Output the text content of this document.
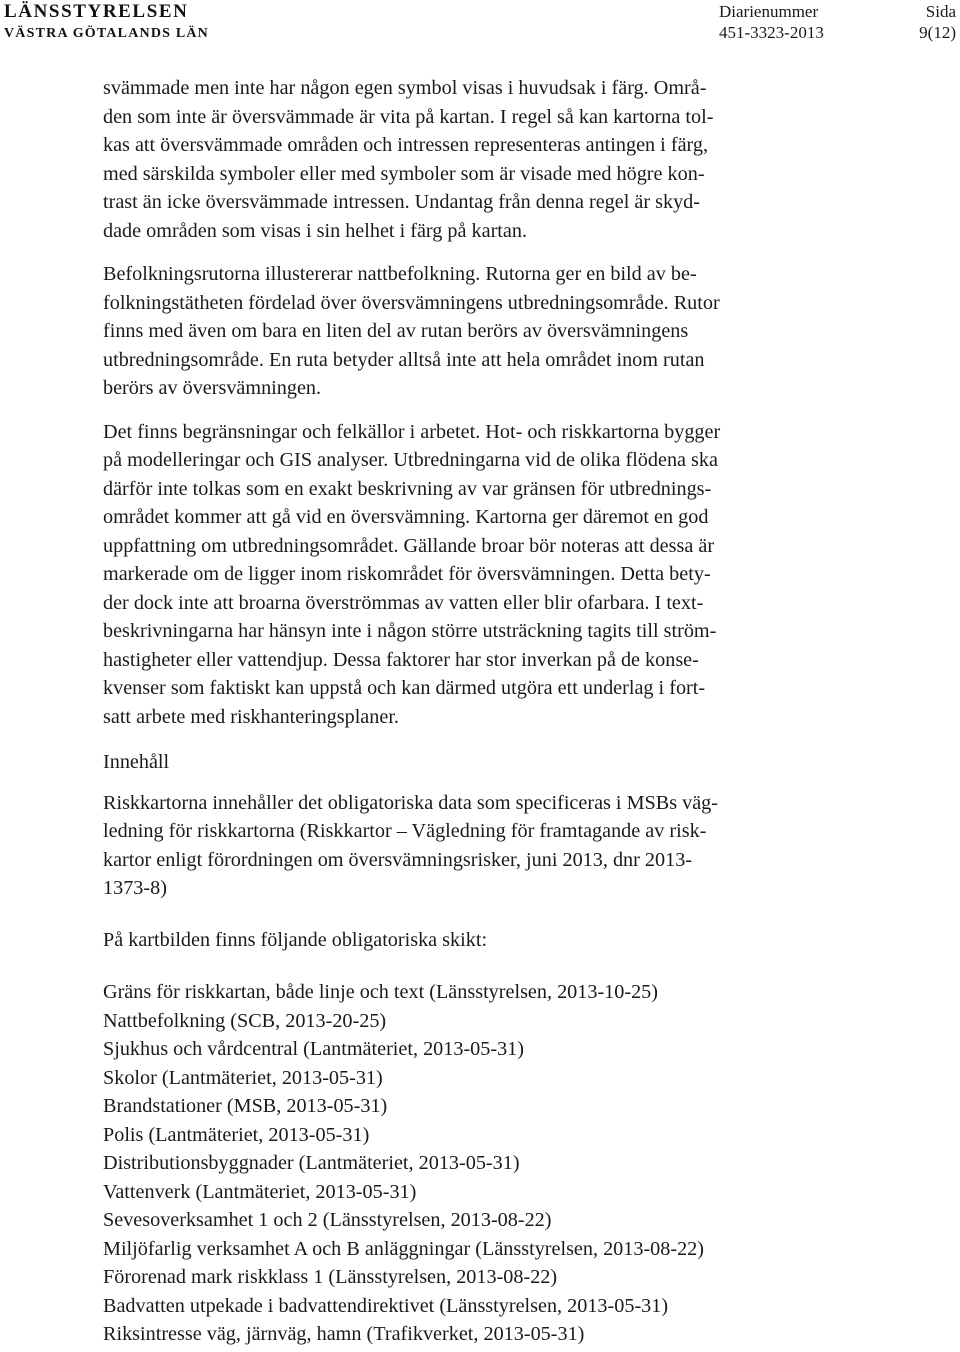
LÄNSSTYRELSEN
VÄSTRA GÖTALANDS LÄN
Diarienummer
451-3323-2013
Sida
9(12)

svämmade men inte har någon egen symbol visas i huvudsak i färg. Områ-
den som inte är översvämmade är vita på kartan. I regel så kan kartorna tol-
kas att översvämmade områden och intressen representeras antingen i färg,
med särskilda symboler eller med symboler som är visade med högre kon-
trast än icke översvämmade intressen. Undantag från denna regel är skyd-
dade områden som visas i sin helhet i färg på kartan.

Befolkningsrutorna illustererar nattbefolkning. Rutorna ger en bild av be-
folkningstätheten fördelad över översvämningens utbredningsområde. Rutor
finns med även om bara en liten del av rutan berörs av översvämningens
utbredningsområde. En ruta betyder alltså inte att hela området inom rutan
berörs av översvämningen.

Det finns begränsningar och felkällor i arbetet. Hot- och riskkartorna bygger
på modelleringar och GIS analyser. Utbredningarna vid de olika flödena ska
därför inte tolkas som en exakt beskrivning av var gränsen för utbrednings-
området kommer att gå vid en översvämning. Kartorna ger däremot en god
uppfattning om utbredningsområdet. Gällande broar bör noteras att dessa är
markerade om de ligger inom riskområdet för översvämningen. Detta bety-
der dock inte att broarna överströmmas av vatten eller blir ofarbara. I text-
beskrivningarna har hänsyn inte i någon större utsträckning tagits till ström-
hastigheter eller vattendjup. Dessa faktorer har stor inverkan på de konse-
kvenser som faktiskt kan uppstå och kan därmed utgöra ett underlag i fort-
satt arbete med riskhanteringsplaner.

Innehåll

Riskkartorna innehåller det obligatoriska data som specificeras i MSBs väg-
ledning för riskkartorna (Riskkartor – Vägledning för framtagande av risk-
kartor enligt förordningen om översvämningsrisker, juni 2013, dnr 2013-
1373-8)

På kartbilden finns följande obligatoriska skikt:

Gräns för riskkartan, både linje och text (Länsstyrelsen, 2013-10-25)
Nattbefolkning (SCB, 2013-20-25)
Sjukhus och vårdcentral (Lantmäteriet, 2013-05-31)
Skolor (Lantmäteriet, 2013-05-31)
Brandstationer (MSB, 2013-05-31)
Polis (Lantmäteriet, 2013-05-31)
Distributionsbyggnader (Lantmäteriet, 2013-05-31)
Vattenverk (Lantmäteriet, 2013-05-31)
Sevesoverksamhet 1 och 2 (Länsstyrelsen, 2013-08-22)
Miljöfarlig verksamhet A och B anläggningar (Länsstyrelsen, 2013-08-22)
Förorenad mark riskklass 1 (Länsstyrelsen, 2013-08-22)
Badvatten utpekade i badvattendirektivet (Länsstyrelsen, 2013-05-31)
Riksintresse väg, järnväg, hamn (Trafikverket, 2013-05-31)
